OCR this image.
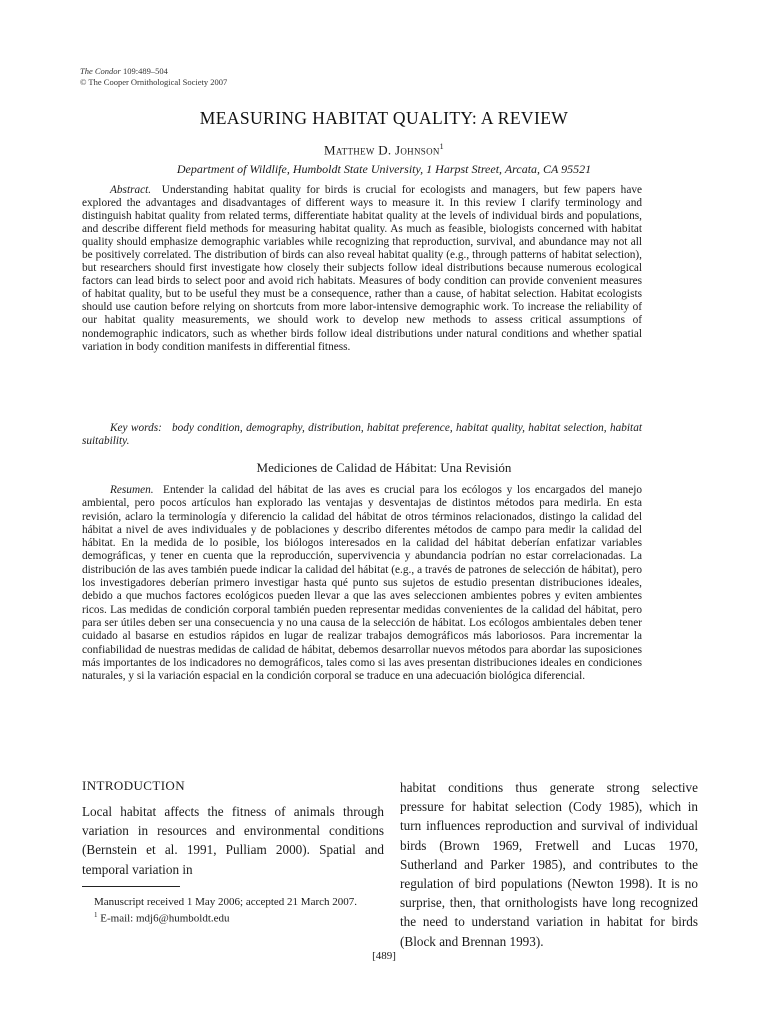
The Condor 109:489–504
© The Cooper Ornithological Society 2007
MEASURING HABITAT QUALITY: A REVIEW
Matthew D. Johnson$^1$
Department of Wildlife, Humboldt State University, 1 Harpst Street, Arcata, CA 95521

Abstract. Understanding habitat quality for birds is crucial for ecologists and managers, but few papers have explored the advantages and disadvantages of different ways to measure it. In this review I clarify terminology and distinguish habitat quality from related terms, differentiate habitat quality at the levels of individual birds and populations, and describe different field methods for measuring habitat quality. As much as feasible, biologists concerned with habitat quality should emphasize demographic variables while recognizing that reproduction, survival, and abundance may not all be positively correlated. The distribution of birds can also reveal habitat quality (e.g., through patterns of habitat selection), but researchers should first investigate how closely their subjects follow ideal distributions because numerous ecological factors can lead birds to select poor and avoid rich habitats. Measures of body condition can provide convenient measures of habitat quality, but to be useful they must be a consequence, rather than a cause, of habitat selection. Habitat ecologists should use caution before relying on shortcuts from more labor-intensive demographic work. To increase the reliability of our habitat quality measurements, we should work to develop new methods to assess critical assumptions of nondemographic indicators, such as whether birds follow ideal distributions under natural conditions and whether spatial variation in body condition manifests in differential fitness.

Key words: body condition, demography, distribution, habitat preference, habitat quality, habitat selection, habitat suitability.

Mediciones de Calidad de Hábitat: Una Revisión

Resumen. Entender la calidad del hábitat de las aves es crucial para los ecólogos y los encargados del manejo ambiental, pero pocos artículos han explorado las ventajas y desventajas de distintos métodos para medirla. En esta revisión, aclaro la terminología y diferencio la calidad del hábitat de otros términos relacionados, distingo la calidad del hábitat a nivel de aves individuales y de poblaciones y describo diferentes métodos de campo para medir la calidad del hábitat. En la medida de lo posible, los biólogos interesados en la calidad del hábitat deberían enfatizar variables demográficas, y tener en cuenta que la reproducción, supervivencia y abundancia podrían no estar correlacionadas. La distribución de las aves también puede indicar la calidad del hábitat (e.g., a través de patrones de selección de hábitat), pero los investigadores deberían primero investigar hasta qué punto sus sujetos de estudio presentan distribuciones ideales, debido a que muchos factores ecológicos pueden llevar a que las aves seleccionen ambientes pobres y eviten ambientes ricos. Las medidas de condición corporal también pueden representar medidas convenientes de la calidad del hábitat, pero para ser útiles deben ser una consecuencia y no una causa de la selección de hábitat. Los ecólogos ambientales deben tener cuidado al basarse en estudios rápidos en lugar de realizar trabajos demográficos más laboriosos. Para incrementar la confiabilidad de nuestras medidas de calidad de hábitat, debemos desarrollar nuevos métodos para abordar las suposiciones más importantes de los indicadores no demográficos, tales como si las aves presentan distribuciones ideales en condiciones naturales, y si la variación espacial en la condición corporal se traduce en una adecuación biológica diferencial.

INTRODUCTION

Local habitat affects the fitness of animals through variation in resources and environmental conditions (Bernstein et al. 1991, Pulliam 2000). Spatial and temporal variation in

habitat conditions thus generate strong selective pressure for habitat selection (Cody 1985), which in turn influences reproduction and survival of individual birds (Brown 1969, Fretwell and Lucas 1970, Sutherland and Parker 1985), and contributes to the regulation of bird populations (Newton 1998). It is no surprise, then, that ornithologists have long recognized the need to understand variation in habitat for birds (Block and Brennan 1993).

Manuscript received 1 May 2006; accepted 21 March 2007.

$^1$ E-mail: mdj6@humboldt.edu

[489]
